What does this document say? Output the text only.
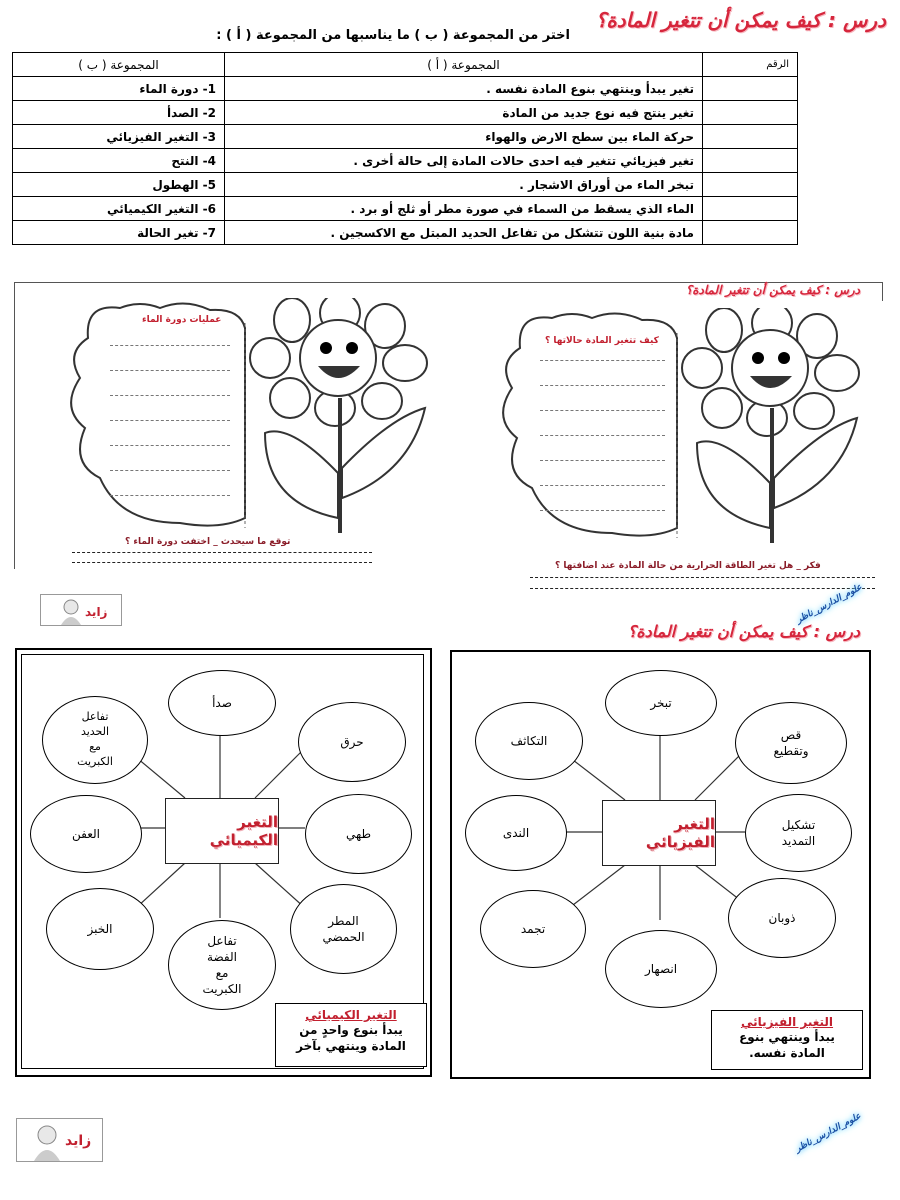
درس : كيف يمكن أن تتغير المادة؟
اختر من المجموعة ( ب ) ما يناسبها من المجموعة ( أ ) :
الرقم	المجموعة ( أ )	المجموعة ( ب )
	تغير يبدأ وينتهي بنوع المادة نفسه .	1- دورة الماء
	تغير ينتج فيه نوع جديد من المادة	2- الصدأ
	حركة الماء بين سطح الارض والهواء	3- التغير الفيزيائي
	تغير فيزيائي تتغير فيه احدى حالات المادة إلى حالة أخرى .	4- النتح
	تبخر الماء من أوراق الاشجار .	5- الهطول
	الماء الذي يسقط من السماء في صورة مطر أو ثلج أو برد .	6- التغير الكيميائي
	مادة بنية اللون تتشكل من تفاعل الحديد المبتل مع الاكسجين .	7- تغير الحالة
درس : كيف يمكن أن تتغير المادة؟
عمليات دورة الماء
توقع ما سيحدث _ اختفت دورة الماء ؟
كيف تتغير المادة حالاتها ؟
فكر _ هل تغير الطاقة الحرارية من حالة المادة عند اضافتها ؟
زايد	علوم_الدارس_ناظر
درس : كيف يمكن أن تتغير المادة؟
صدأ
حرق
طهي
المطر
الحمضي
تفاعل
الفضة
مع
الكبريت
الخبز
العفن
تفاعل
الحديد
مع
الكبريت
التغير الكيميائي
التغير الكيميائي
يبدأ بنوع واحدٍ من
المادة وينتهي بآخر
تبخر
قص
وتقطيع
تشكيل
التمديد
ذوبان
انصهار
تجمد
الندى
التكاثف
التغير الفيزيائي
التغير الفيزيائي
يبدأ وينتهي بنوع
المادة نفسه.
زايد	علوم_الدارس_ناظر
